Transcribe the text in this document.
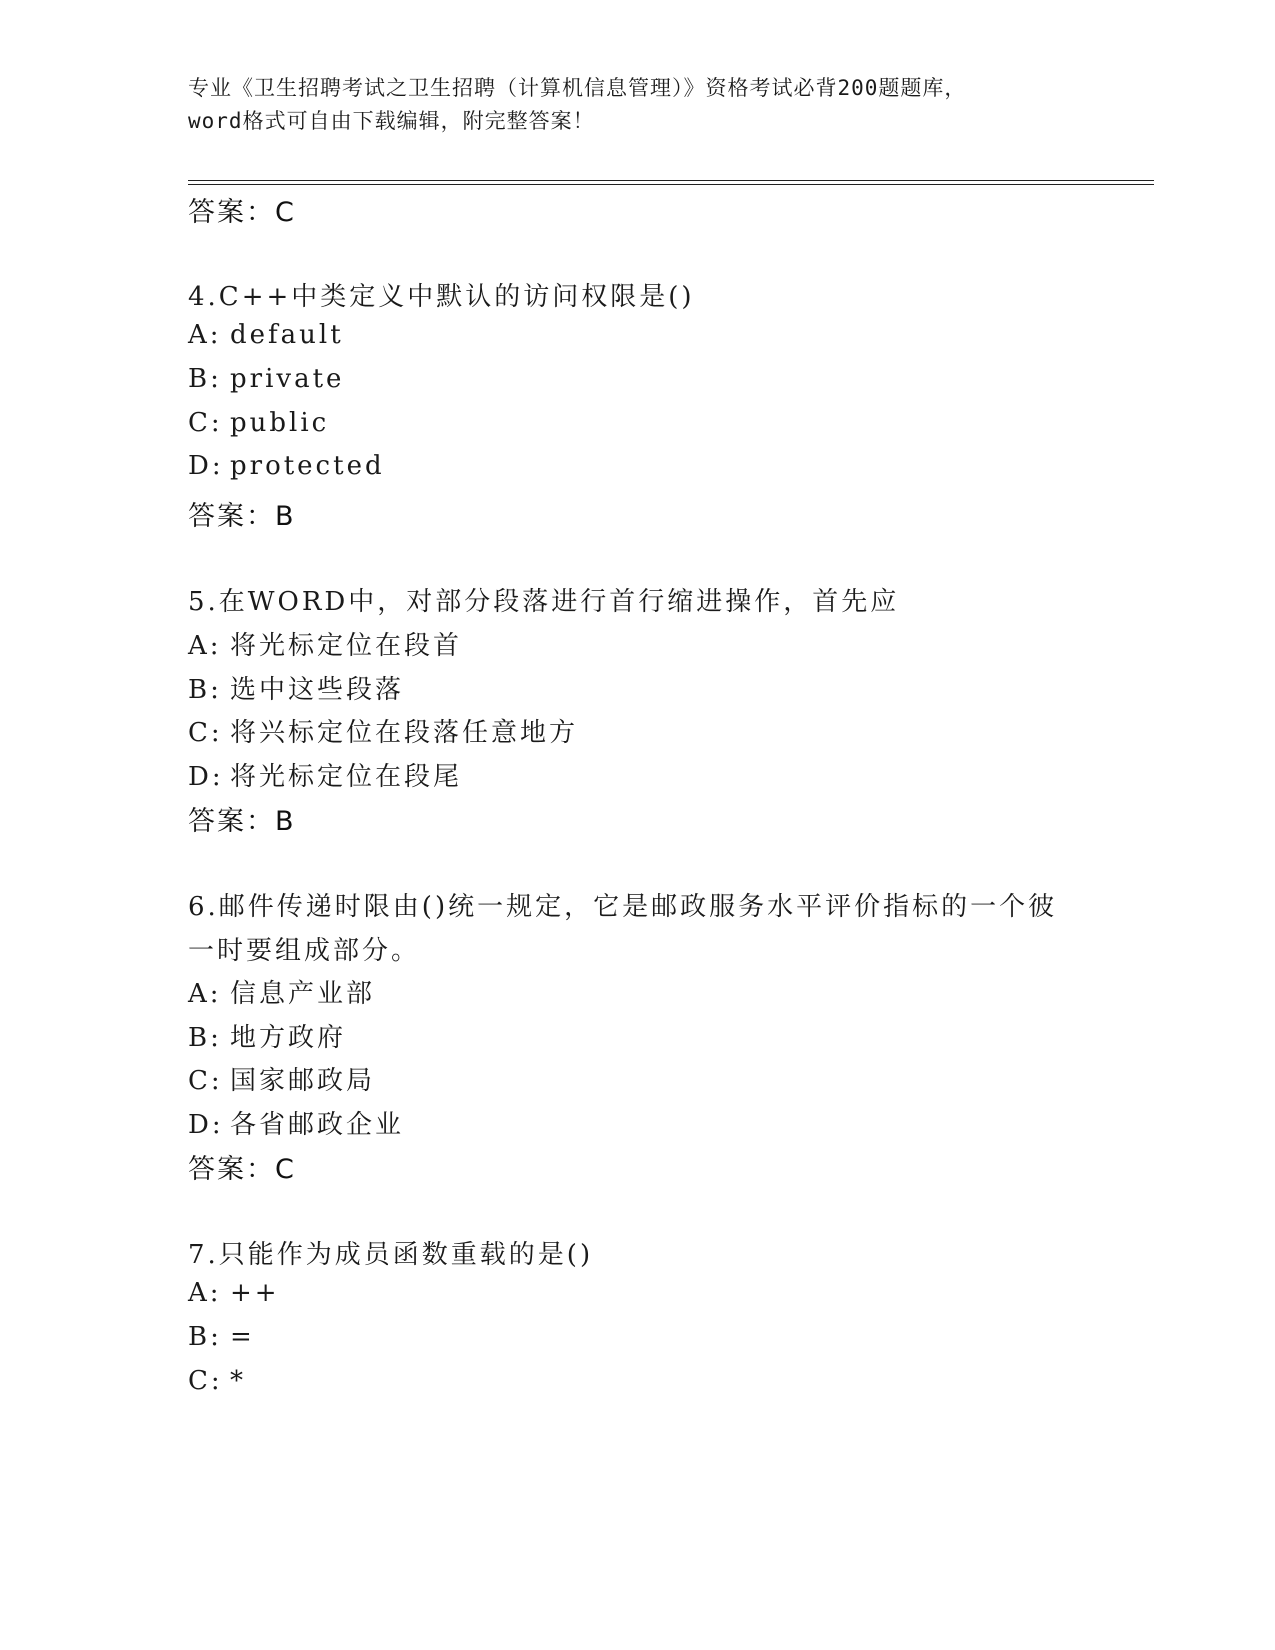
专业《卫生招聘考试之卫生招聘（计算机信息管理）》资格考试必背200题题库，
word格式可自由下载编辑，附完整答案！
答案：C
4.C++中类定义中默认的访问权限是()
A: default
B: private
C: public
D: protected
答案：B
5.在WORD中，对部分段落进行首行缩进操作，首先应
A: 将光标定位在段首
B: 选中这些段落
C: 将兴标定位在段落任意地方
D: 将光标定位在段尾
答案：B
6.邮件传递时限由()统一规定，它是邮政服务水平评价指标的一个彼
一时要组成部分。
A: 信息产业部
B: 地方政府
C: 国家邮政局
D: 各省邮政企业
答案：C
7.只能作为成员函数重载的是()
A: ++
B: =
C: *
